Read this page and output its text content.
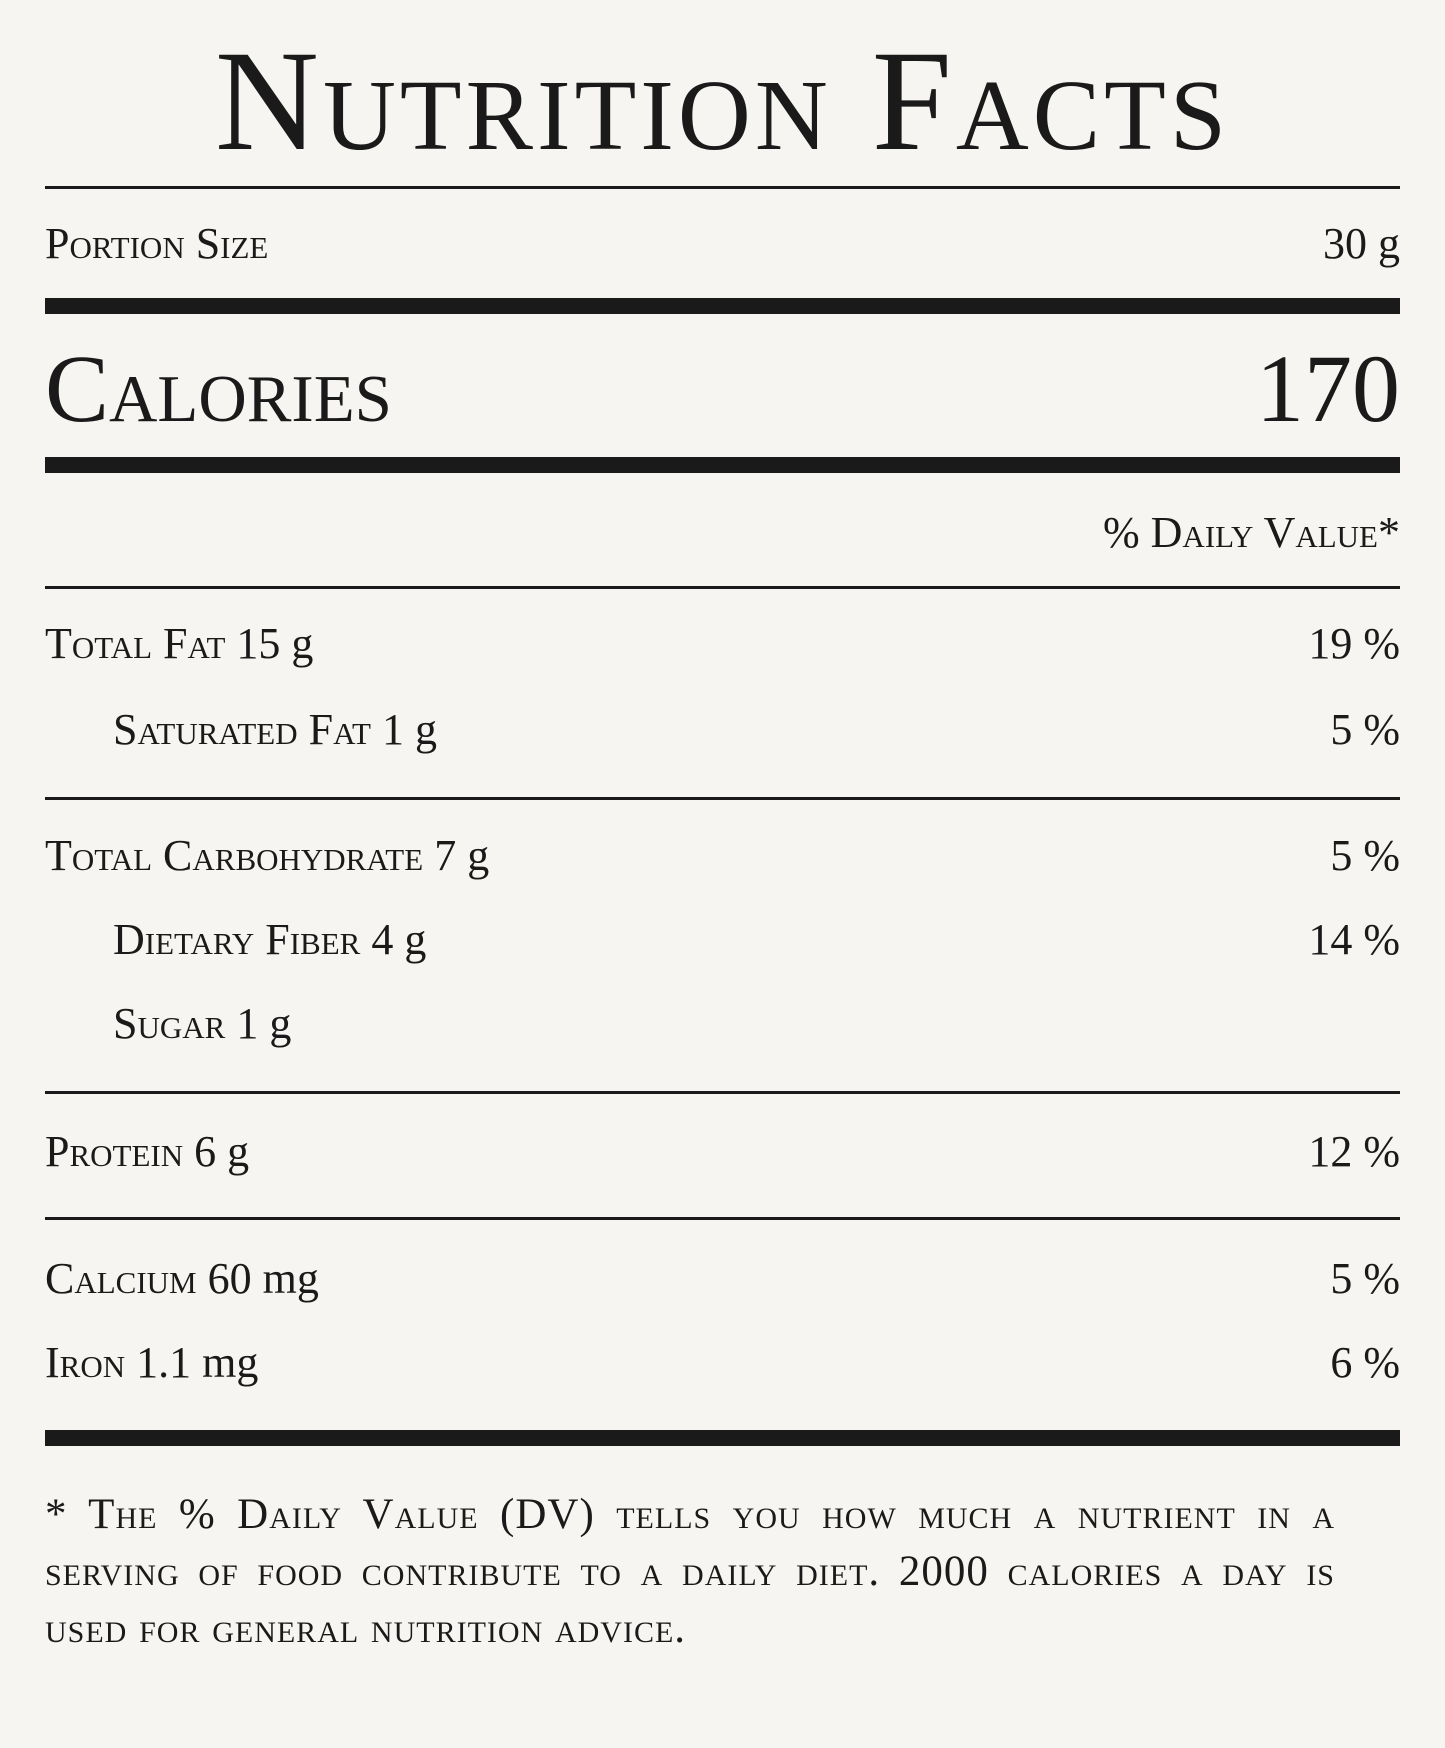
Nutrition Facts
Portion Size	30 g
Calories	170
% Daily Value*
Total Fat 15 g	19 %
Saturated Fat 1 g	5 %
Total Carbohydrate 7 g	5 %
Dietary Fiber 4 g	14 %
Sugar 1 g
Protein 6 g	12 %
Calcium 60 mg	5 %
Iron 1.1 mg	6 %
* The % Daily Value (DV) tells you how much a nutrient in a serving of food contribute to a daily diet. 2000 calories a day is used for general nutrition advice.
